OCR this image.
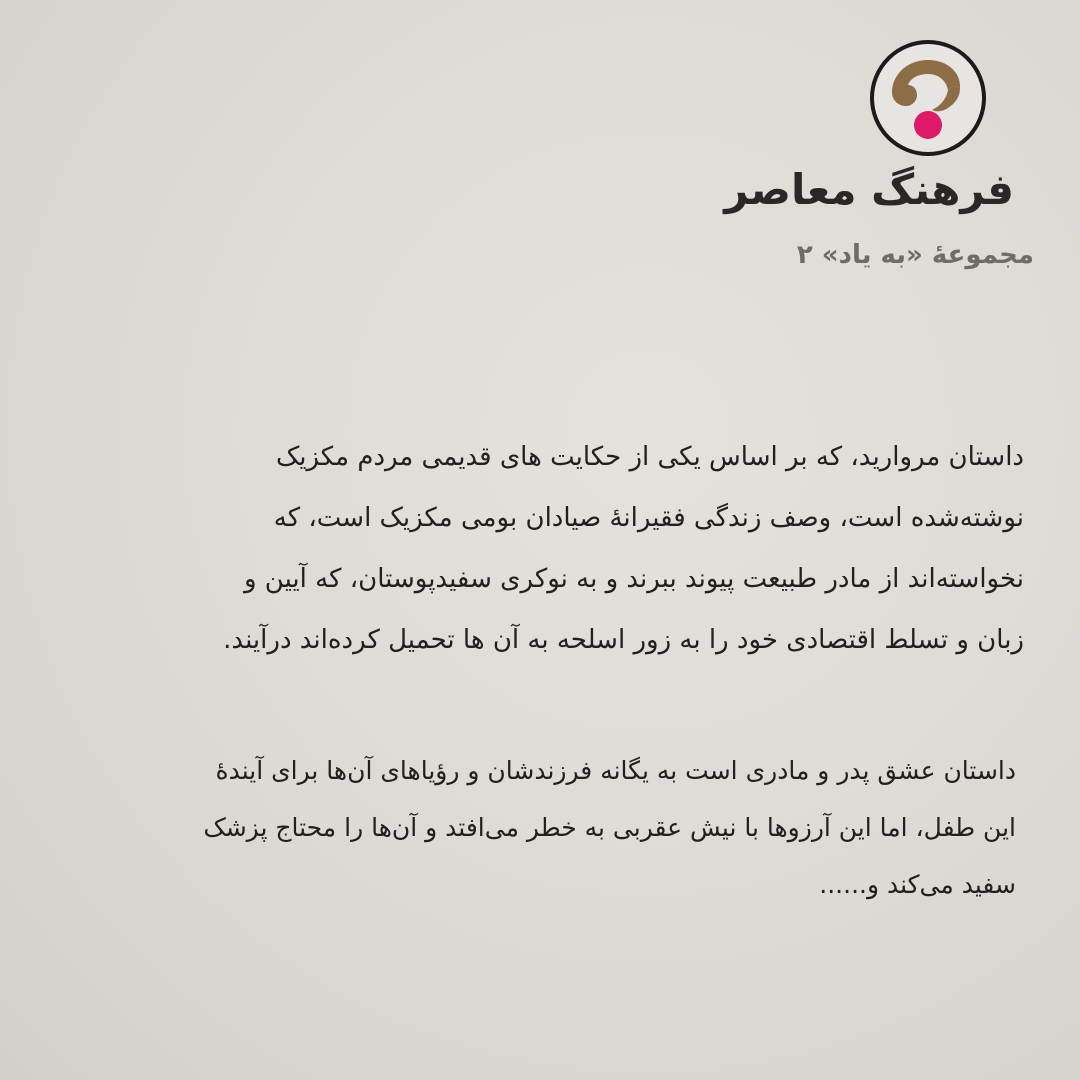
فرهنگ معاصر
مجموعهٔ «به یاد» ۲
داستان مروارید، که بر اساس یکی از حکایت های قدیمی مردم مکزیک
نوشته‌شده است، وصف زندگی فقیرانهٔ صیادان بومی مکزیک است، که
نخواسته‌اند از مادر طبیعت پیوند ببرند و به نوکری سفیدپوستان، که آیین و
زبان و تسلط اقتصادی خود را به زور اسلحه به آن ها تحمیل کرده‌اند درآیند.
داستان عشق پدر و مادری است به یگانه فرزندشان و رؤیاهای آن‌ها برای آیندهٔ
این طفل، اما این آرزوها با نیش عقربی به خطر می‌افتد و آن‌ها را محتاج پزشک
سفید می‌کند و......
